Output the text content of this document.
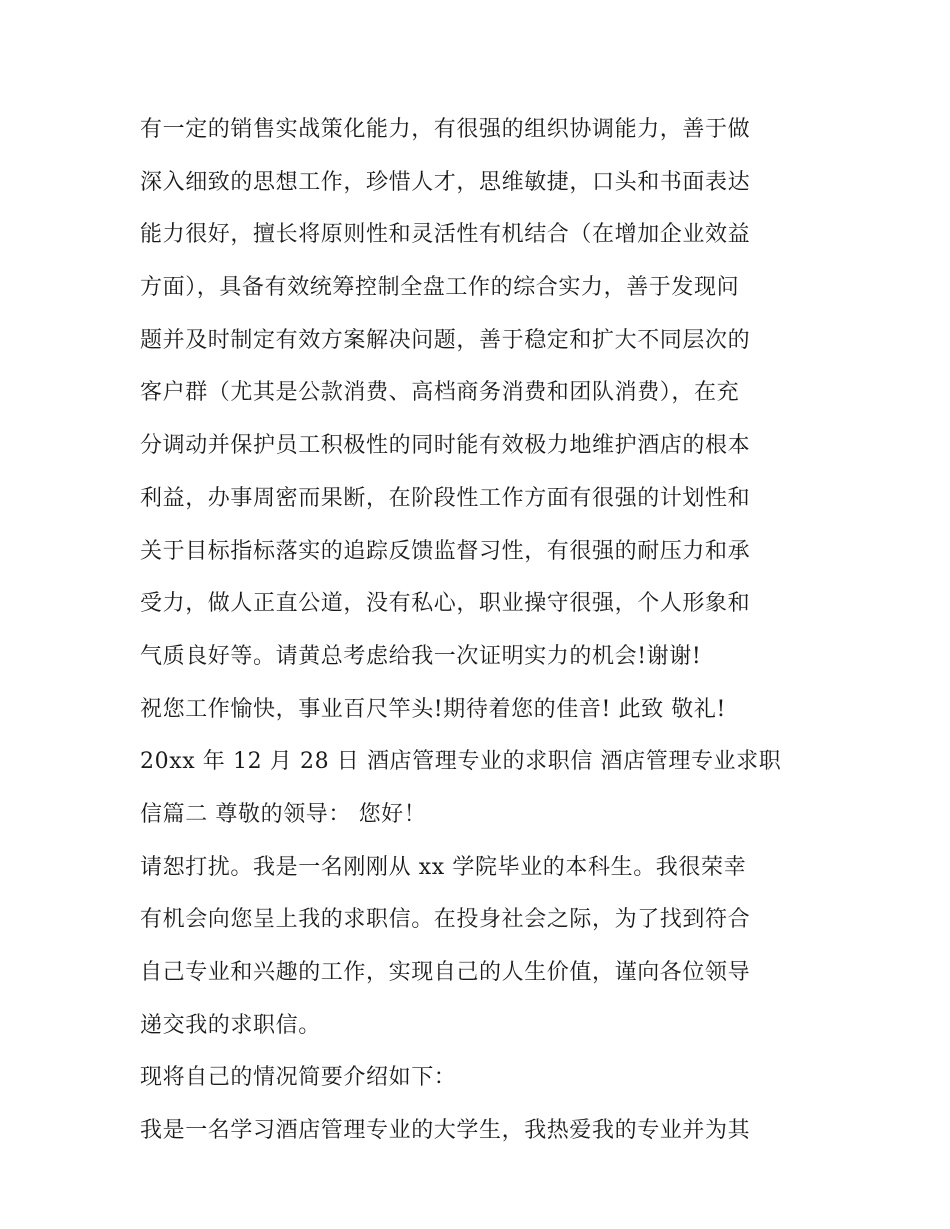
有一定的销售实战策化能力，有很强的组织协调能力，善于做
深入细致的思想工作，珍惜人才，思维敏捷，口头和书面表达
能力很好，擅长将原则性和灵活性有机结合（在增加企业效益
方面），具备有效统筹控制全盘工作的综合实力，善于发现问
题并及时制定有效方案解决问题，善于稳定和扩大不同层次的
客户群（尤其是公款消费、高档商务消费和团队消费），在充
分调动并保护员工积极性的同时能有效极力地维护酒店的根本
利益，办事周密而果断，在阶段性工作方面有很强的计划性和
关于目标指标落实的追踪反馈监督习性，有很强的耐压力和承
受力，做人正直公道，没有私心，职业操守很强，个人形象和
气质良好等。请黄总考虑给我一次证明实力的机会!谢谢!
祝您工作愉快，事业百尺竿头!期待着您的佳音! 此致 敬礼!
20xx 年 12 月 28 日 酒店管理专业的求职信 酒店管理专业求职
信篇二 尊敬的领导： 您好！
请恕打扰。我是一名刚刚从 xx 学院毕业的本科生。我很荣幸
有机会向您呈上我的求职信。在投身社会之际，为了找到符合
自己专业和兴趣的工作，实现自己的人生价值，谨向各位领导
递交我的求职信。
现将自己的情况简要介绍如下：
我是一名学习酒店管理专业的大学生，我热爱我的专业并为其
